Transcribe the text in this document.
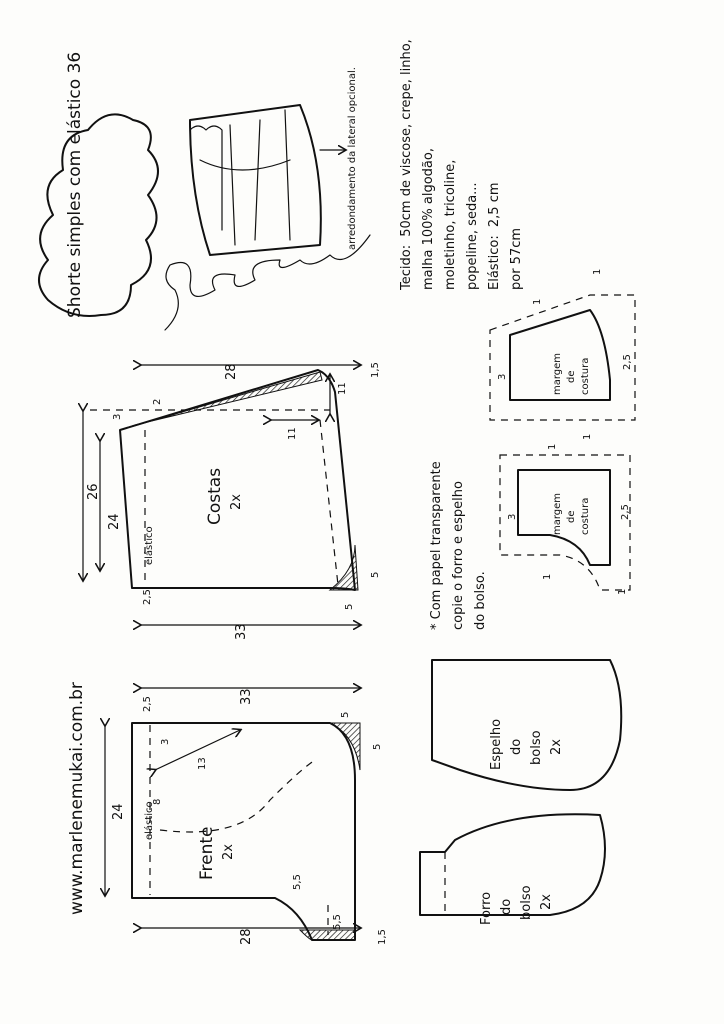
www.marlenemukai.com.br
Shorte simples com elástico 36	arredondamento da lateral opcional.
Tecido: 50cm de viscose, crepe, linho, malha 100% algodão, moletinho, tricoline, popeline, seda... Elástico: 2,5 cm por 57cm
Costas 2x
elástico
28
26
24
33
11
11
3
2
1,5
2,5
5
5
Frente 2x
elástico
24
33
28
13
3
8
2,5
5
5
5,5
5,5
1,5
* Com papel transparente copie o forro e espelho do bolso.
Espelho do bolso 2x
Forro do bolso 2x
margem de costura
3
2,5
1
1
1
margem de costura
3	2,5
1
1
1
